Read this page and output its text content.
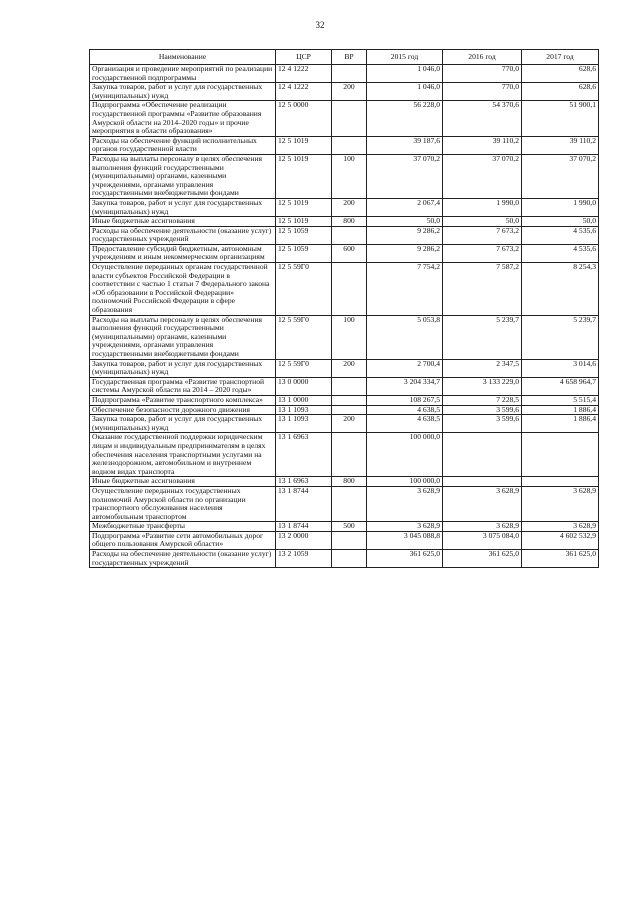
32
Наименование	ЦСР	ВР	2015 год	2016 год	2017 год
Организация и проведение мероприятий по реализации государственной подпрограммы	12 4 1222		1 046,0	770,0	628,6
Закупка товаров, работ и услуг для государственных (муниципальных) нужд	12 4 1222	200	1 046,0	770,0	628,6
Подпрограмма «Обеспечение реализации государственной программы «Развитие образования Амурской области на 2014–2020 годы» и прочие мероприятия в области образования»	12 5 0000		56 228,0	54 370,6	51 900,1
Расходы на обеспечение функций исполнительных органов государственной власти	12 5 1019		39 187,6	39 110,2	39 110,2
Расходы на выплаты персоналу в целях обеспечения выполнения функций государственными (муниципальными) органами, казенными учреждениями, органами управления государственными внебюджетными фондами	12 5 1019	100	37 070,2	37 070,2	37 070,2
Закупка товаров, работ и услуг для государственных (муниципальных) нужд	12 5 1019	200	2 067,4	1 990,0	1 990,0
Иные бюджетные ассигнования	12 5 1019	800	50,0	50,0	50,0
Расходы на обеспечение деятельности (оказание услуг) государственных учреждений	12 5 1059		9 286,2	7 673,2	4 535,6
Предоставление субсидий бюджетным, автономным учреждениям и иным некоммерческим организациям	12 5 1059	600	9 286,2	7 673,2	4 535,6
Осуществление переданных органам государственной власти субъектов Российской Федерации в соответствии с частью 1 статьи 7 Федерального закона «Об образовании в Российской Федерации» полномочий Российской Федерации в сфере образования	12 5 59Г0		7 754,2	7 587,2	8 254,3
Расходы на выплаты персоналу в целях обеспечения выполнения функций государственными (муниципальными) органами, казенными учреждениями, органами управления государственными внебюджетными фондами	12 5 59Г0	100	5 053,8	5 239,7	5 239,7
Закупка товаров, работ и услуг для государственных (муниципальных) нужд	12 5 59Г0	200	2 700,4	2 347,5	3 014,6
Государственная программа «Развитие транспортной системы Амурской области на 2014 – 2020 годы»	13 0 0000		3 204 334,7	3 133 229,0	4 658 964,7
Подпрограмма «Развитие транспортного комплекса»	13 1 0000		108 267,5	7 228,5	5 515,4
Обеспечение безопасности дорожного движения	13 1 1093		4 638,5	3 599,6	1 886,4
Закупка товаров, работ и услуг для государственных (муниципальных) нужд	13 1 1093	200	4 638,5	3 599,6	1 886,4
Оказание государственной поддержки юридическим лицам и индивидуальным предпринимателям в целях обеспечения населения транспортными услугами на железнодорожном, автомобильном и внутреннем водном видах транспорта	13 1 6963		100 000,0		
Иные бюджетные ассигнования	13 1 6963	800	100 000,0		
Осуществление переданных государственных полномочий Амурской области по организации транспортного обслуживания населения автомобильным транспортом	13 1 8744		3 628,9	3 628,9	3 628,9
Межбюджетные трансферты	13 1 8744	500	3 628,9	3 628,9	3 628,9
Подпрограмма «Развитие сети автомобильных дорог общего пользования Амурской области»	13 2 0000		3 045 088,8	3 075 084,0	4 602 532,9
Расходы на обеспечение деятельности (оказание услуг) государственных учреждений	13 2 1059		361 625,0	361 625,0	361 625,0
